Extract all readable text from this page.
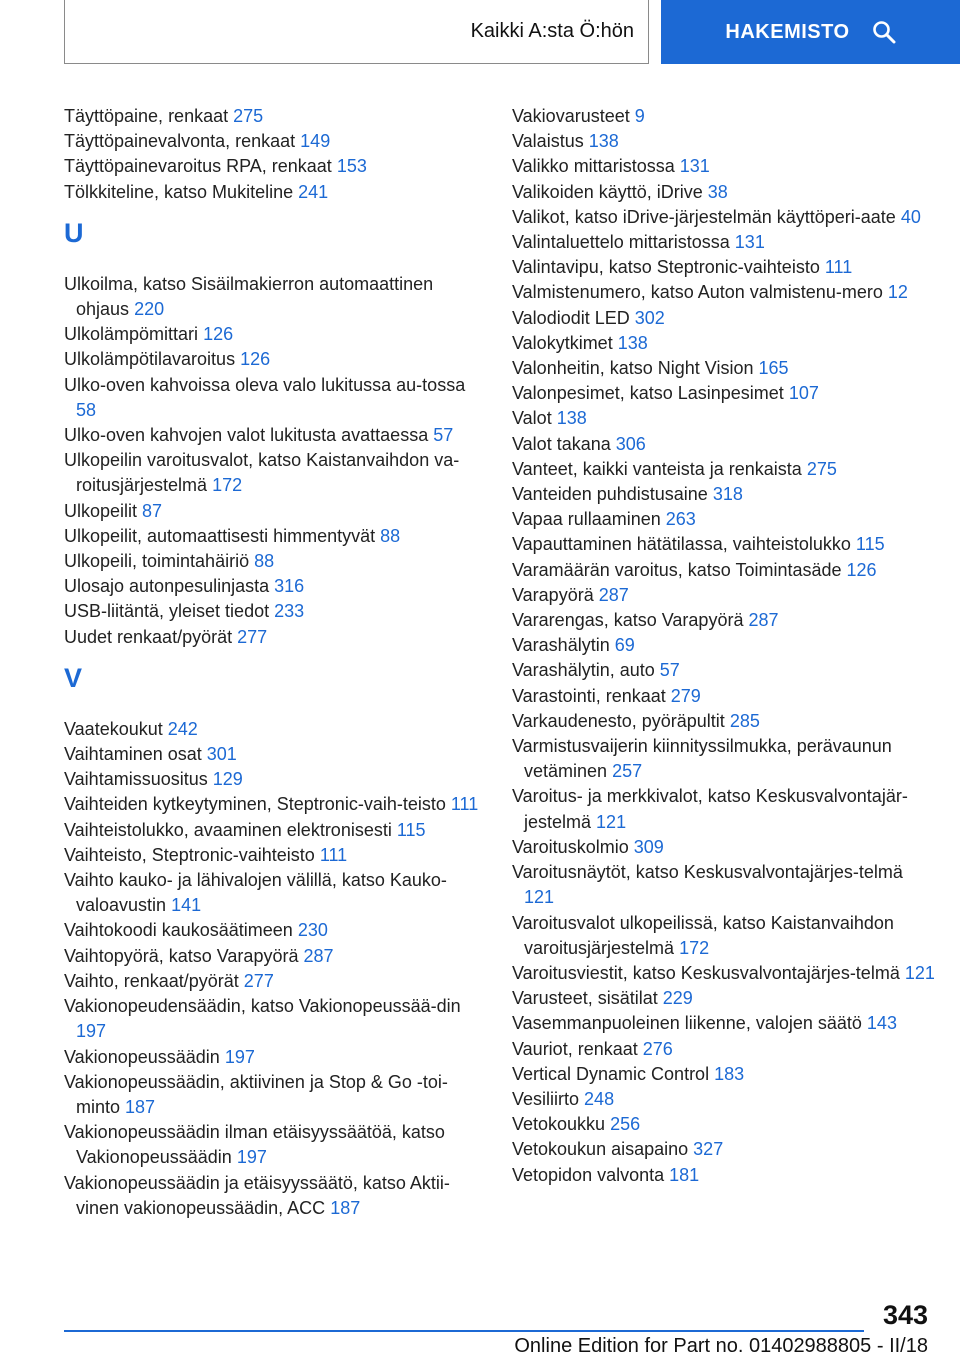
Kaikki A:sta Ö:hön	HAKEMISTO
Täyttöpaine, renkaat 275
Täyttöpainevalvonta, renkaat 149
Täyttöpainevaroitus RPA, renkaat 153
Tölkkiteline, katso Mukiteline 241
U
Ulkoilma, katso Sisäilmakierron automaattinen ohjaus 220
Ulkolämpömittari 126
Ulkolämpötilavaroitus 126
Ulko-oven kahvoissa oleva valo lukitussa au-tossa 58
Ulko-oven kahvojen valot lukitusta avattaessa 57
Ulkopeilin varoitusvalot, katso Kaistanvaihdon va-roitusjärjestelmä 172
Ulkopeilit 87
Ulkopeilit, automaattisesti himmentyvät 88
Ulkopeili, toimintahäiriö 88
Ulosajo autonpesulinjasta 316
USB-liitäntä, yleiset tiedot 233
Uudet renkaat/pyörät 277
V
Vaatekoukut 242
Vaihtaminen osat 301
Vaihtamissuositus 129
Vaihteiden kytkeytyminen, Steptronic-vaih-teisto 111
Vaihteistolukko, avaaminen elektronisesti 115
Vaihteisto, Steptronic-vaihteisto 111
Vaihto kauko- ja lähivalojen välillä, katso Kauko-valoavustin 141
Vaihtokoodi kaukosäätimeen 230
Vaihtopyörä, katso Varapyörä 287
Vaihto, renkaat/pyörät 277
Vakionopeudensäädin, katso Vakionopeussää-din 197
Vakionopeussäädin 197
Vakionopeussäädin, aktiivinen ja Stop & Go -toi-minto 187
Vakionopeussäädin ilman etäisyyssäätöä, katso Vakionopeussäädin 197
Vakionopeussäädin ja etäisyyssäätö, katso Aktii-vinen vakionopeussäädin, ACC 187
Vakiovarusteet 9
Valaistus 138
Valikko mittaristossa 131
Valikoiden käyttö, iDrive 38
Valikot, katso iDrive-järjestelmän käyttöperi-aate 40
Valintaluettelo mittaristossa 131
Valintavipu, katso Steptronic-vaihteisto 111
Valmistenumero, katso Auton valmistenu-mero 12
Valodiodit LED 302
Valokytkimet 138
Valonheitin, katso Night Vision 165
Valonpesimet, katso Lasinpesimet 107
Valot 138
Valot takana 306
Vanteet, kaikki vanteista ja renkaista 275
Vanteiden puhdistusaine 318
Vapaa rullaaminen 263
Vapauttaminen hätätilassa, vaihteistolukko 115
Varamäärän varoitus, katso Toimintasäde 126
Varapyörä 287
Vararengas, katso Varapyörä 287
Varashälytin 69
Varashälytin, auto 57
Varastointi, renkaat 279
Varkaudenesto, pyöräpultit 285
Varmistusvaijerin kiinnityssilmukka, perävaunun vetäminen 257
Varoitus- ja merkkivalot, katso Keskusvalvontajär-jestelmä 121
Varoituskolmio 309
Varoitusnäytöt, katso Keskusvalvontajärjes-telmä 121
Varoitusvalot ulkopeilissä, katso Kaistanvaihdon varoitusjärjestelmä 172
Varoitusviestit, katso Keskusvalvontajärjes-telmä 121
Varusteet, sisätilat 229
Vasemmanpuoleinen liikenne, valojen säätö 143
Vauriot, renkaat 276
Vertical Dynamic Control 183
Vesiliirto 248
Vetokoukku 256
Vetokoukun aisapaino 327
Vetopidon valvonta 181
343
Online Edition for Part no. 01402988805 - II/18
